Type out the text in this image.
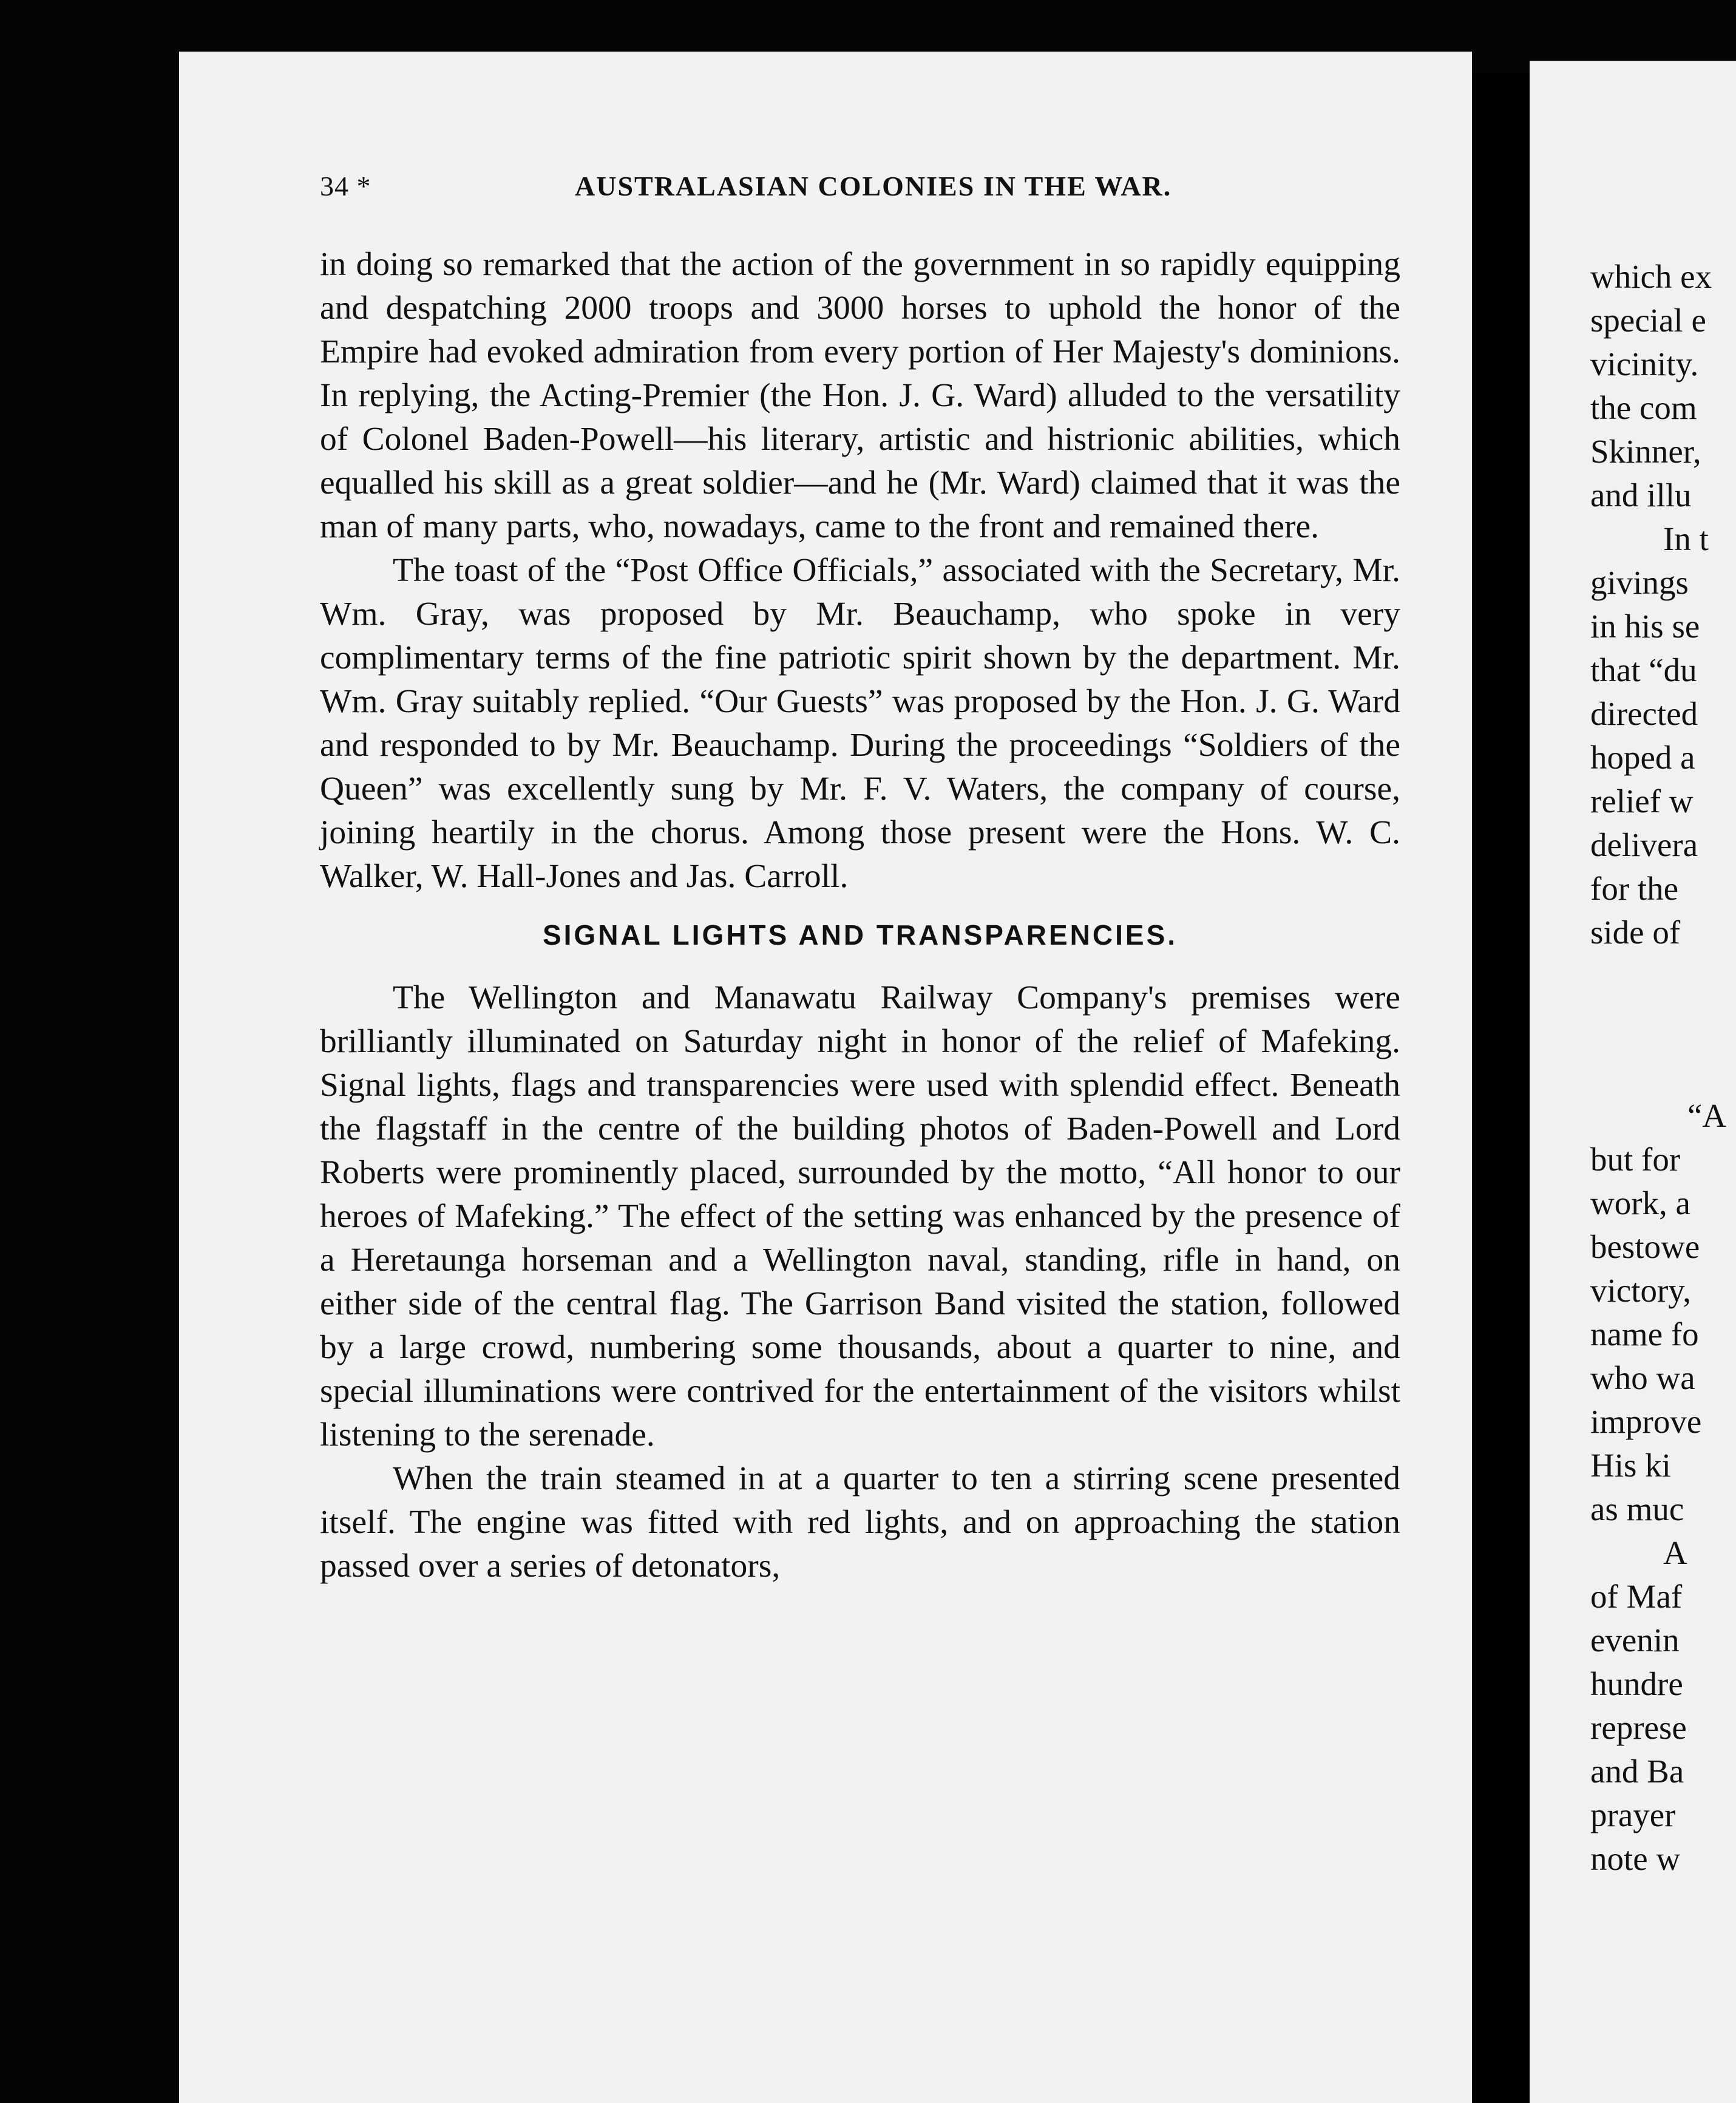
34 *	AUSTRALASIAN COLONIES IN THE WAR.

in doing so remarked that the action of the government in so rapidly equipping and despatching 2000 troops and 3000 horses to uphold the honor of the Empire had evoked admiration from every portion of Her Majesty's dominions. In replying, the Acting-Premier (the Hon. J. G. Ward) alluded to the versatility of Colonel Baden-Powell—his literary, artistic and histrionic abilities, which equalled his skill as a great soldier—and he (Mr. Ward) claimed that it was the man of many parts, who, nowadays, came to the front and remained there.

The toast of the “Post Office Officials,” associated with the Secretary, Mr. Wm. Gray, was proposed by Mr. Beauchamp, who spoke in very complimentary terms of the fine patriotic spirit shown by the department. Mr. Wm. Gray suitably replied. “Our Guests” was proposed by the Hon. J. G. Ward and responded to by Mr. Beauchamp. During the proceedings “Soldiers of the Queen” was excellently sung by Mr. F. V. Waters, the company of course, joining heartily in the chorus. Among those present were the Hons. W. C. Walker, W. Hall-Jones and Jas. Carroll.

SIGNAL LIGHTS AND TRANSPARENCIES.

The Wellington and Manawatu Railway Company's premises were brilliantly illuminated on Saturday night in honor of the relief of Mafeking. Signal lights, flags and transparencies were used with splendid effect. Beneath the flagstaff in the centre of the building photos of Baden-Powell and Lord Roberts were prominently placed, surrounded by the motto, “All honor to our heroes of Mafeking.” The effect of the setting was enhanced by the presence of a Heretaunga horseman and a Wellington naval, standing, rifle in hand, on either side of the central flag. The Garrison Band visited the station, followed by a large crowd, numbering some thousands, about a quarter to nine, and special illuminations were contrived for the entertainment of the visitors whilst listening to the serenade.

When the train steamed in at a quarter to ten a stirring scene presented itself. The engine was fitted with red lights, and on approaching the station passed over a series of detonators,

which ex
special e
vicinity.
the com
Skinner,
and illu
In t
givings
in his se
that “du
directed
hoped a
relief w
delivera
for the
side of
“A
but for
work, a
bestowe
victory,
name fo
who wa
improve
His ki
as muc
A
of Maf
evenin
hundre
represe
and Ba
prayer
note w
